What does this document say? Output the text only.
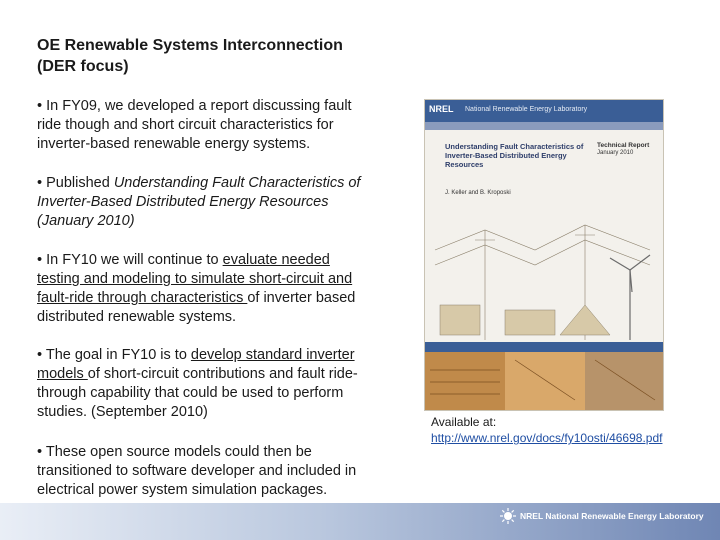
OE Renewable Systems Interconnection
(DER focus)

• In FY09, we developed a report discussing fault
ride though and short circuit characteristics for
inverter-based renewable energy systems.

• Published Understanding Fault Characteristics of
Inverter-Based Distributed Energy Resources
(January 2010)

• In FY10 we will continue to evaluate needed
testing and modeling to simulate short-circuit and
fault-ride through characteristics of inverter based
distributed renewable systems.

• The goal in FY10 is to develop standard inverter
models of short-circuit contributions and fault ride-
through capability that could be used to perform
studies. (September 2010)

• These open source models could then be
transitioned to software developer and included in
electrical power system simulation packages.

NREL National Renewable Energy Laboratory
Understanding Fault Characteristics of Inverter-Based Distributed Energy Resources
J. Keller and B. Kroposki
Technical Report
January 2010
Available at:
http://www.nrel.gov/docs/fy10osti/46698.pdf
NREL National Renewable Energy Laboratory
